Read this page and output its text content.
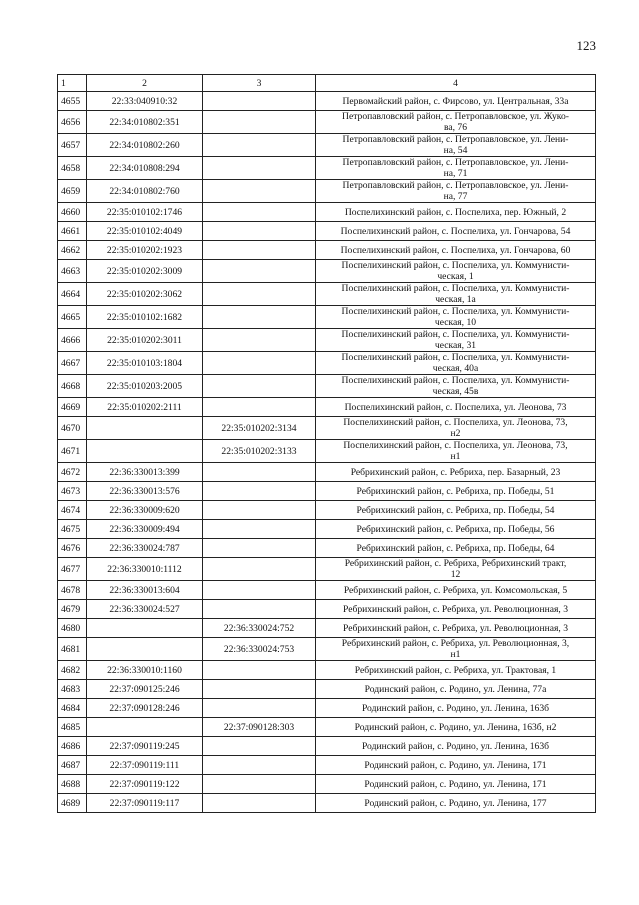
123
1	2	3	4
4655	22:33:040910:32		Первомайский район, с. Фирсово, ул. Центральная, 33а
4656	22:34:010802:351		Петропавловский район, с. Петропавловское, ул. Жуко-
ва, 76
4657	22:34:010802:260		Петропавловский район, с. Петропавловское, ул. Лени-
на, 54
4658	22:34:010808:294		Петропавловский район, с. Петропавловское, ул. Лени-
на, 71
4659	22:34:010802:760		Петропавловский район, с. Петропавловское, ул. Лени-
на, 77
4660	22:35:010102:1746		Поспелихинский район, с. Поспелиха, пер. Южный, 2
4661	22:35:010102:4049		Поспелихинский район, с. Поспелиха, ул. Гончарова, 54
4662	22:35:010202:1923		Поспелихинский район, с. Поспелиха, ул. Гончарова, 60
4663	22:35:010202:3009		Поспелихинский район, с. Поспелиха, ул. Коммунисти-
ческая, 1
4664	22:35:010202:3062		Поспелихинский район, с. Поспелиха, ул. Коммунисти-
ческая, 1а
4665	22:35:010102:1682		Поспелихинский район, с. Поспелиха, ул. Коммунисти-
ческая, 10
4666	22:35:010202:3011		Поспелихинский район, с. Поспелиха, ул. Коммунисти-
ческая, 31
4667	22:35:010103:1804		Поспелихинский район, с. Поспелиха, ул. Коммунисти-
ческая, 40а
4668	22:35:010203:2005		Поспелихинский район, с. Поспелиха, ул. Коммунисти-
ческая, 45в
4669	22:35:010202:2111		Поспелихинский район, с. Поспелиха, ул. Леонова, 73
4670		22:35:010202:3134	Поспелихинский район, с. Поспелиха, ул. Леонова, 73,
н2
4671		22:35:010202:3133	Поспелихинский район, с. Поспелиха, ул. Леонова, 73,
н1
4672	22:36:330013:399		Ребрихинский район, с. Ребриха, пер. Базарный, 23
4673	22:36:330013:576		Ребрихинский район, с. Ребриха, пр. Победы, 51
4674	22:36:330009:620		Ребрихинский район, с. Ребриха, пр. Победы, 54
4675	22:36:330009:494		Ребрихинский район, с. Ребриха, пр. Победы, 56
4676	22:36:330024:787		Ребрихинский район, с. Ребриха, пр. Победы, 64
4677	22:36:330010:1112		Ребрихинский район, с. Ребриха, Ребрихинский тракт,
12
4678	22:36:330013:604		Ребрихинский район, с. Ребриха, ул. Комсомольская, 5
4679	22:36:330024:527		Ребрихинский район, с. Ребриха, ул. Революционная, 3
4680		22:36:330024:752	Ребрихинский район, с. Ребриха, ул. Революционная, 3
4681		22:36:330024:753	Ребрихинский район, с. Ребриха, ул. Революционная, 3,
н1
4682	22:36:330010:1160		Ребрихинский район, с. Ребриха, ул. Трактовая, 1
4683	22:37:090125:246		Родинский район, с. Родино, ул. Ленина, 77а
4684	22:37:090128:246		Родинский район, с. Родино, ул. Ленина, 163б
4685		22:37:090128:303	Родинский район, с. Родино, ул. Ленина, 163б, н2
4686	22:37:090119:245		Родинский район, с. Родино, ул. Ленина, 163б
4687	22:37:090119:111		Родинский район, с. Родино, ул. Ленина, 171
4688	22:37:090119:122		Родинский район, с. Родино, ул. Ленина, 171
4689	22:37:090119:117		Родинский район, с. Родино, ул. Ленина, 177
